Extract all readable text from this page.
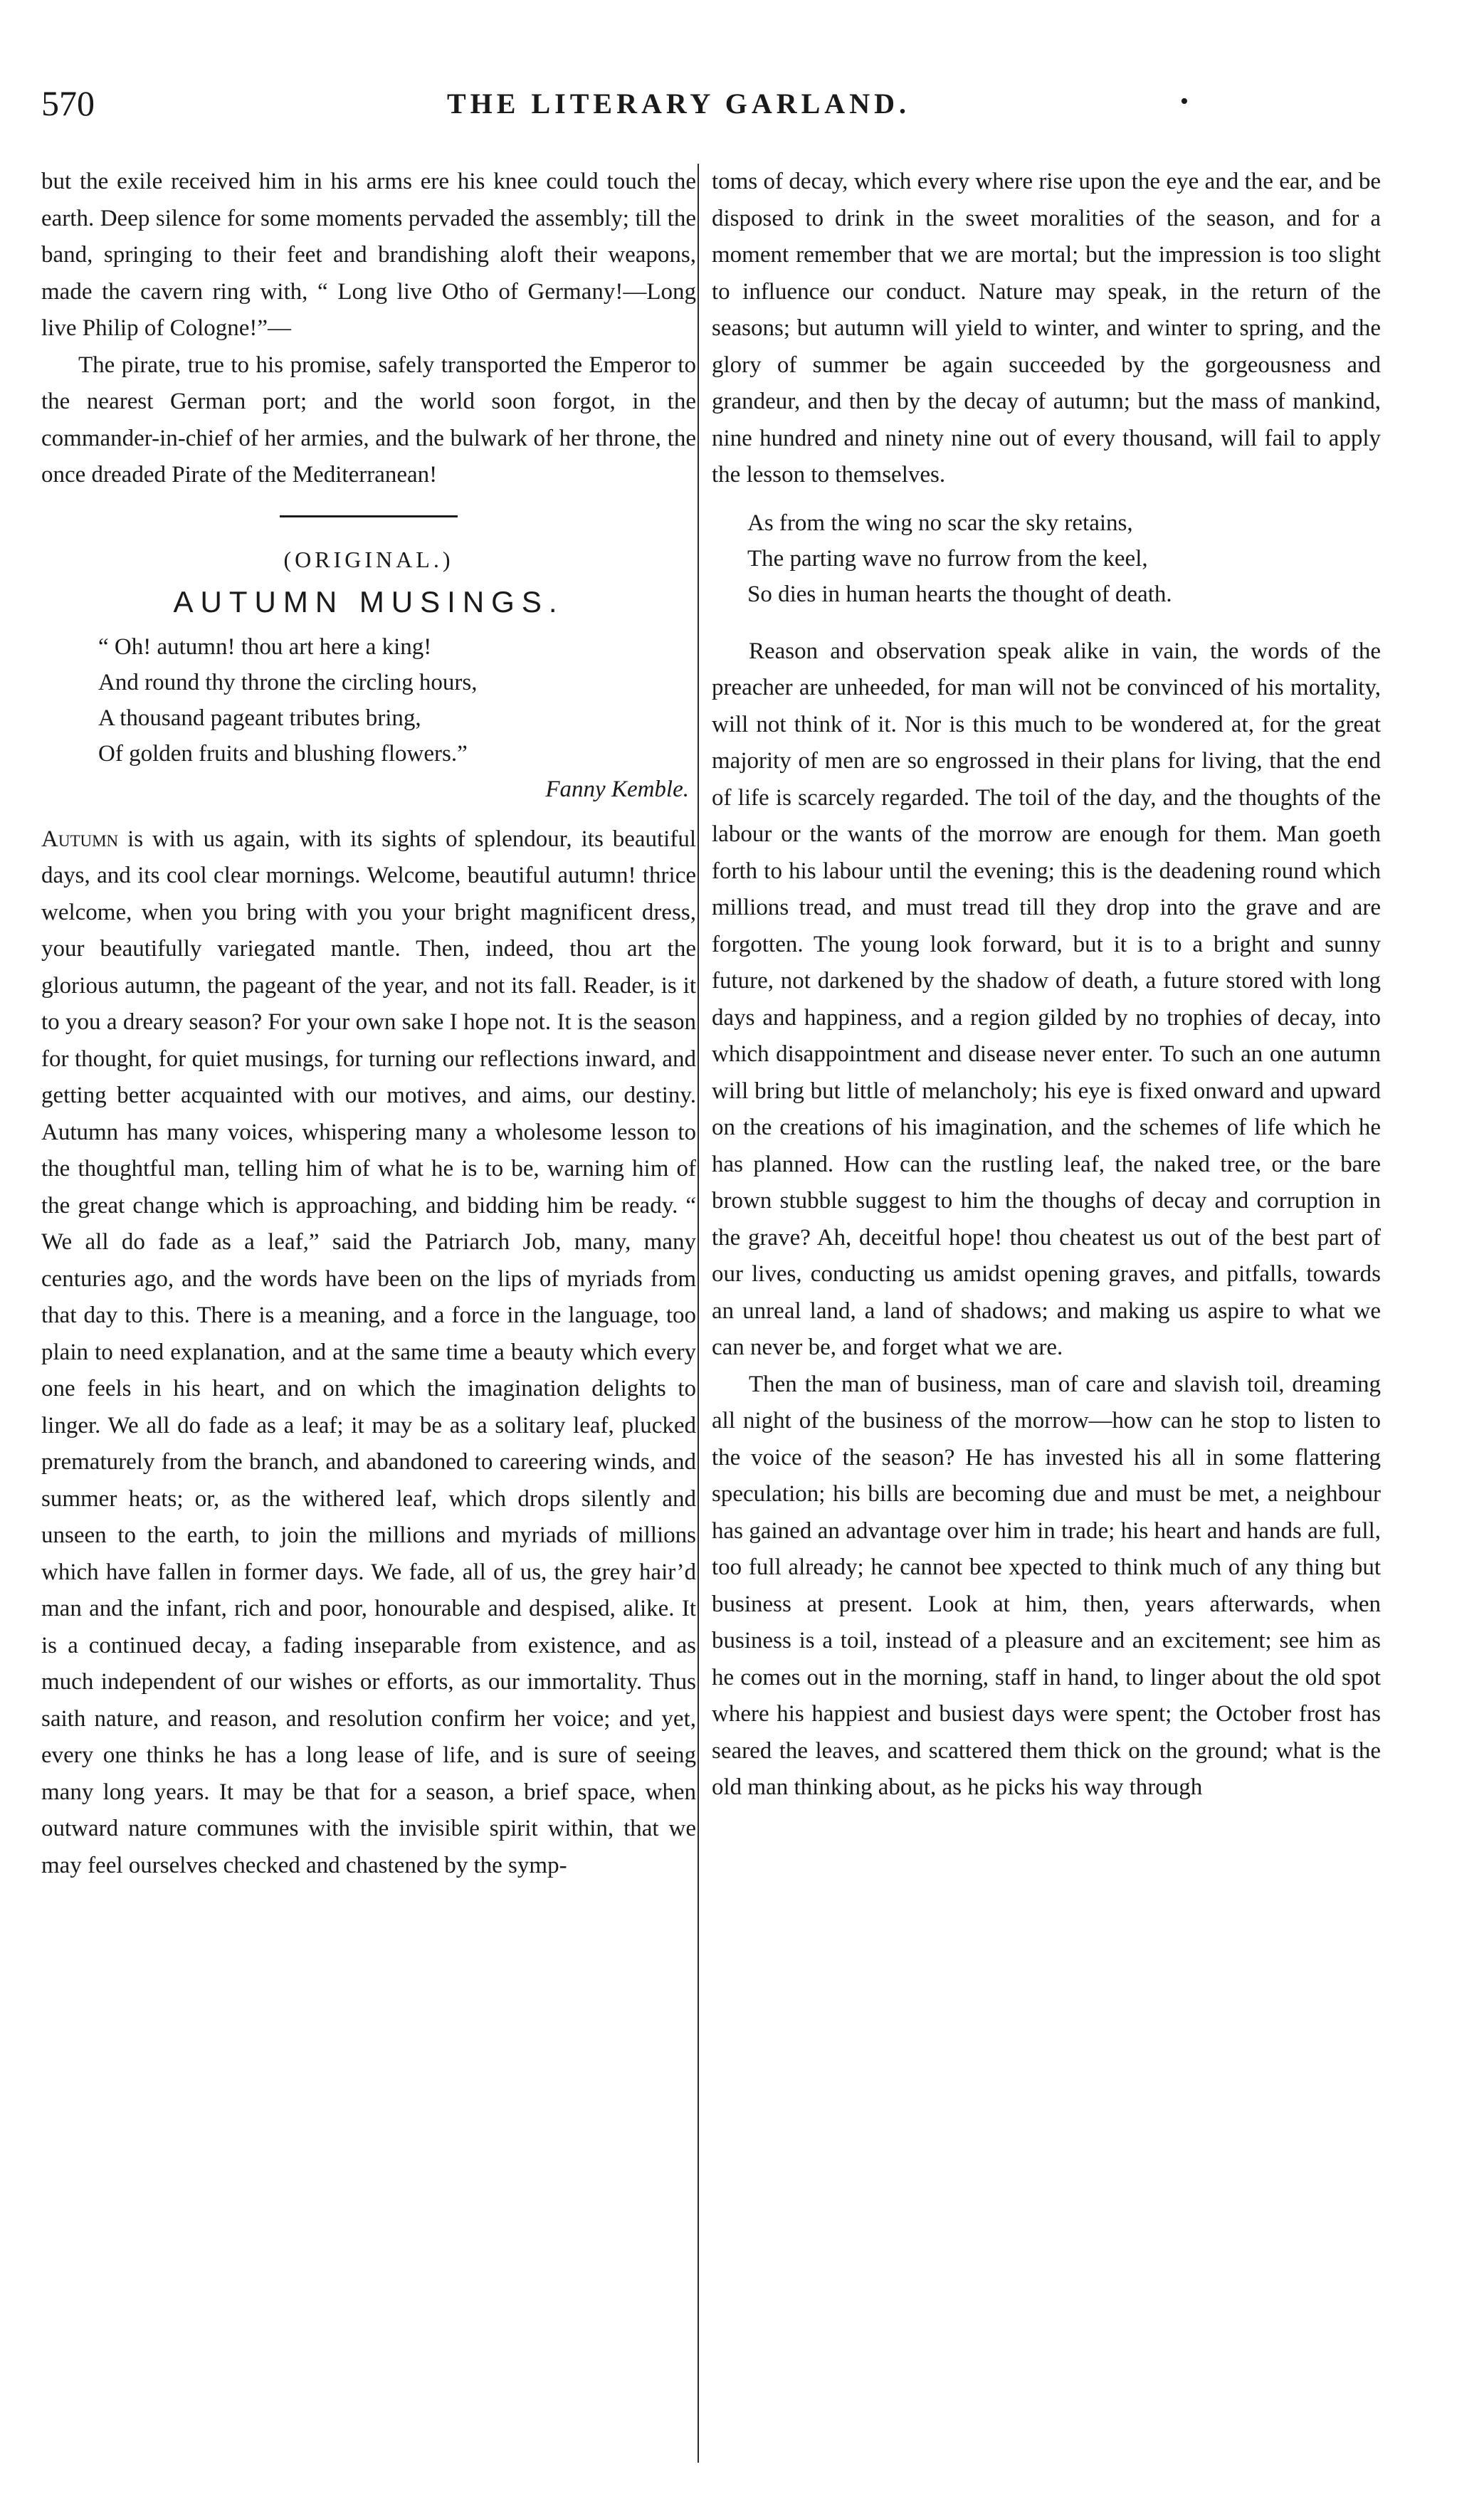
570	THE LITERARY GARLAND.	•

but the exile received him in his arms ere his knee could touch the earth. Deep silence for some moments pervaded the assembly; till the band, springing to their feet and brandishing aloft their weapons, made the cavern ring with, “ Long live Otho of Germany!—Long live Philip of Cologne!”—

The pirate, true to his promise, safely transported the Emperor to the nearest German port; and the world soon forgot, in the commander-in-chief of her armies, and the bulwark of her throne, the once dreaded Pirate of the Mediterranean!

(ORIGINAL.)
AUTUMN MUSINGS.
“ Oh! autumn! thou art here a king!
And round thy throne the circling hours,
A thousand pageant tributes bring,
Of golden fruits and blushing flowers.”
Fanny Kemble.

Autumn is with us again, with its sights of splendour, its beautiful days, and its cool clear mornings. Welcome, beautiful autumn! thrice welcome, when you bring with you your bright magnificent dress, your beautifully variegated mantle. Then, indeed, thou art the glorious autumn, the pageant of the year, and not its fall. Reader, is it to you a dreary season? For your own sake I hope not. It is the season for thought, for quiet musings, for turning our reflections inward, and getting better acquainted with our motives, and aims, our destiny. Autumn has many voices, whispering many a wholesome lesson to the thoughtful man, telling him of what he is to be, warning him of the great change which is approaching, and bidding him be ready. “ We all do fade as a leaf,” said the Patriarch Job, many, many centuries ago, and the words have been on the lips of myriads from that day to this. There is a meaning, and a force in the language, too plain to need explanation, and at the same time a beauty which every one feels in his heart, and on which the imagination delights to linger. We all do fade as a leaf; it may be as a solitary leaf, plucked prematurely from the branch, and abandoned to careering winds, and summer heats; or, as the withered leaf, which drops silently and unseen to the earth, to join the millions and myriads of millions which have fallen in former days. We fade, all of us, the grey hair’d man and the infant, rich and poor, honourable and despised, alike. It is a continued decay, a fading inseparable from existence, and as much independent of our wishes or efforts, as our immortality. Thus saith nature, and reason, and resolution confirm her voice; and yet, every one thinks he has a long lease of life, and is sure of seeing many long years. It may be that for a season, a brief space, when outward nature communes with the invisible spirit within, that we may feel ourselves checked and chastened by the symp-

toms of decay, which every where rise upon the eye and the ear, and be disposed to drink in the sweet moralities of the season, and for a moment remember that we are mortal; but the impression is too slight to influence our conduct. Nature may speak, in the return of the seasons; but autumn will yield to winter, and winter to spring, and the glory of summer be again succeeded by the gorgeousness and grandeur, and then by the decay of autumn; but the mass of mankind, nine hundred and ninety nine out of every thousand, will fail to apply the lesson to themselves.

As from the wing no scar the sky retains,
The parting wave no furrow from the keel,
So dies in human hearts the thought of death.

Reason and observation speak alike in vain, the words of the preacher are unheeded, for man will not be convinced of his mortality, will not think of it. Nor is this much to be wondered at, for the great majority of men are so engrossed in their plans for living, that the end of life is scarcely regarded. The toil of the day, and the thoughts of the labour or the wants of the morrow are enough for them. Man goeth forth to his labour until the evening; this is the deadening round which millions tread, and must tread till they drop into the grave and are forgotten. The young look forward, but it is to a bright and sunny future, not darkened by the shadow of death, a future stored with long days and happiness, and a region gilded by no trophies of decay, into which disappointment and disease never enter. To such an one autumn will bring but little of melancholy; his eye is fixed onward and upward on the creations of his imagination, and the schemes of life which he has planned. How can the rustling leaf, the naked tree, or the bare brown stubble suggest to him the thoughs of decay and corruption in the grave? Ah, deceitful hope! thou cheatest us out of the best part of our lives, conducting us amidst opening graves, and pitfalls, towards an unreal land, a land of shadows; and making us aspire to what we can never be, and forget what we are.

Then the man of business, man of care and slavish toil, dreaming all night of the business of the morrow—how can he stop to listen to the voice of the season? He has invested his all in some flattering speculation; his bills are becoming due and must be met, a neighbour has gained an advantage over him in trade; his heart and hands are full, too full already; he cannot bee xpected to think much of any thing but business at present. Look at him, then, years afterwards, when business is a toil, instead of a pleasure and an excitement; see him as he comes out in the morning, staff in hand, to linger about the old spot where his happiest and busiest days were spent; the October frost has seared the leaves, and scattered them thick on the ground; what is the old man thinking about, as he picks his way through
